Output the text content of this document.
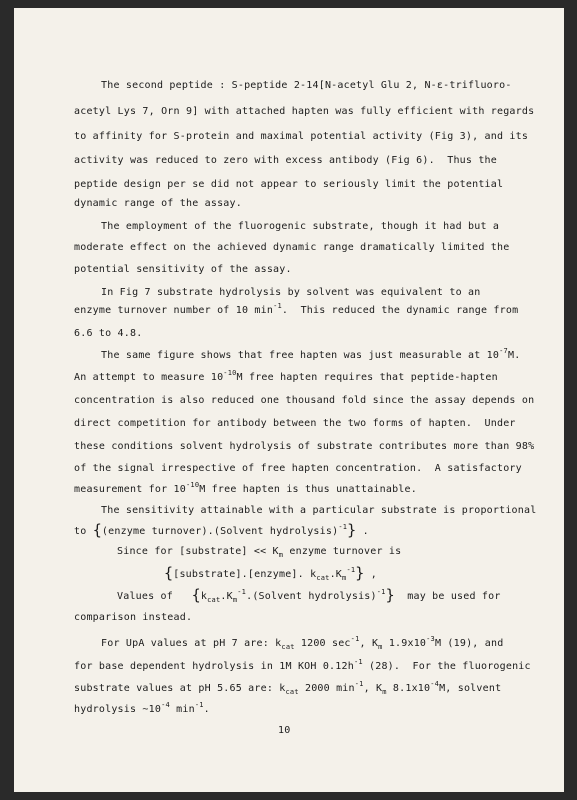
The second peptide : S-peptide 2-14[N-acetyl Glu 2, N-ε-trifluoro-
acetyl Lys 7, Orn 9] with attached hapten was fully efficient with regards
to affinity for S-protein and maximal potential activity (Fig 3), and its
activity was reduced to zero with excess antibody (Fig 6).  Thus the
peptide design per se did not appear to seriously limit the potential
dynamic range of the assay.
The employment of the fluorogenic substrate, though it had but a
moderate effect on the achieved dynamic range dramatically limited the
potential sensitivity of the assay.
In Fig 7 substrate hydrolysis by solvent was equivalent to an
enzyme turnover number of 10 $\min^{-1}$.  This reduced the dynamic range from
6.6 to 4.8.
The same figure shows that free hapten was just measurable at $10^{-7}M$.
An attempt to measure $10^{-10}M$ free hapten requires that peptide-hapten
concentration is also reduced one thousand fold since the assay depends on
direct competition for antibody between the two forms of hapten.  Under
these conditions solvent hydrolysis of substrate contributes more than 98%
of the signal irrespective of free hapten concentration.  A satisfactory
measurement for $10^{-10}M$ free hapten is thus unattainable.
The sensitivity attainable with a particular substrate is proportional
to {(enzyme turnover).(Solvent hydrolysis)$^{-1}$} .
Since for [substrate] << $K_m$ enzyme turnover is
{[substrate].[enzyme]. $k_{cat}.K_m^{-1}$} ,
Values of {$k_{cat}.K_m^{-1}.(Solvent$ hydrolysis)$^{-1}$}  may be used for
comparison instead.
For UpA values at pH 7 are: $k_{cat}$ 1200 $\sec^{-1}$, $K_m$ $1.9x10^{-3}M$ (19), and
for base dependent hydrolysis in 1M KOH $0.12h^{-1}$ (28).  For the fluorogenic
substrate values at pH 5.65 are: $k_{cat}$ 2000 $\min^{-1}$, $K_m$ $8.1x10^{-4}M$, solvent
hydrolysis $\sim 10^{-4}$ $\min^{-1}$.
10
